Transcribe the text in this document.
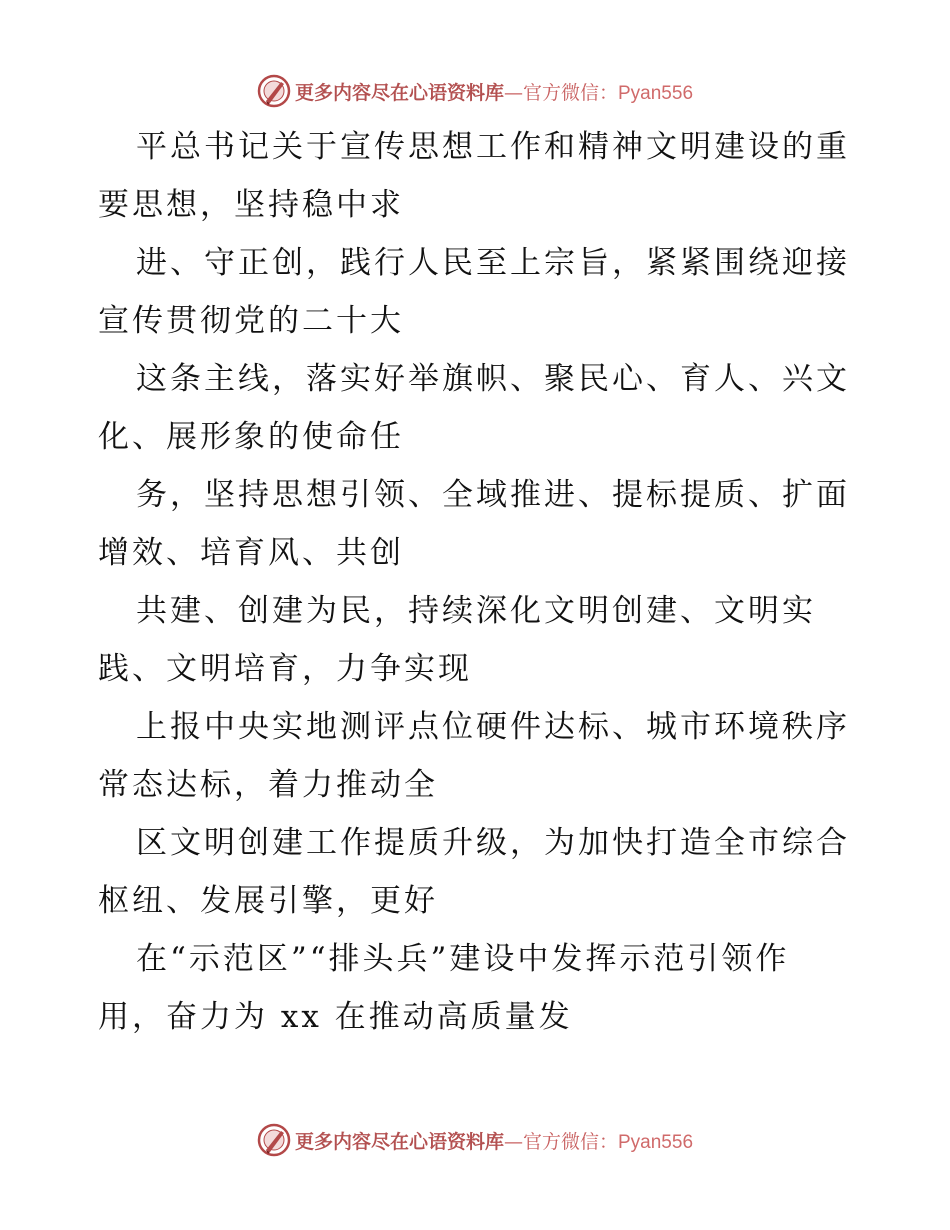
更多内容尽在心语资料库—官方微信：Pyan556

平总书记关于宣传思想工作和精神文明建设的重
要思想，坚持稳中求

进、守正创，践行人民至上宗旨，紧紧围绕迎接
宣传贯彻党的二十大

这条主线，落实好举旗帜、聚民心、育人、兴文
化、展形象的使命任

务，坚持思想引领、全域推进、提标提质、扩面
增效、培育风、共创

共建、创建为民，持续深化文明创建、文明实
践、文明培育，力争实现

上报中央实地测评点位硬件达标、城市环境秩序
常态达标，着力推动全

区文明创建工作提质升级，为加快打造全市综合
枢纽、发展引擎，更好

在“示范区”“排头兵”建设中发挥示范引领作
用，奋力为 xx 在推动高质量发

更多内容尽在心语资料库—官方微信：Pyan556
